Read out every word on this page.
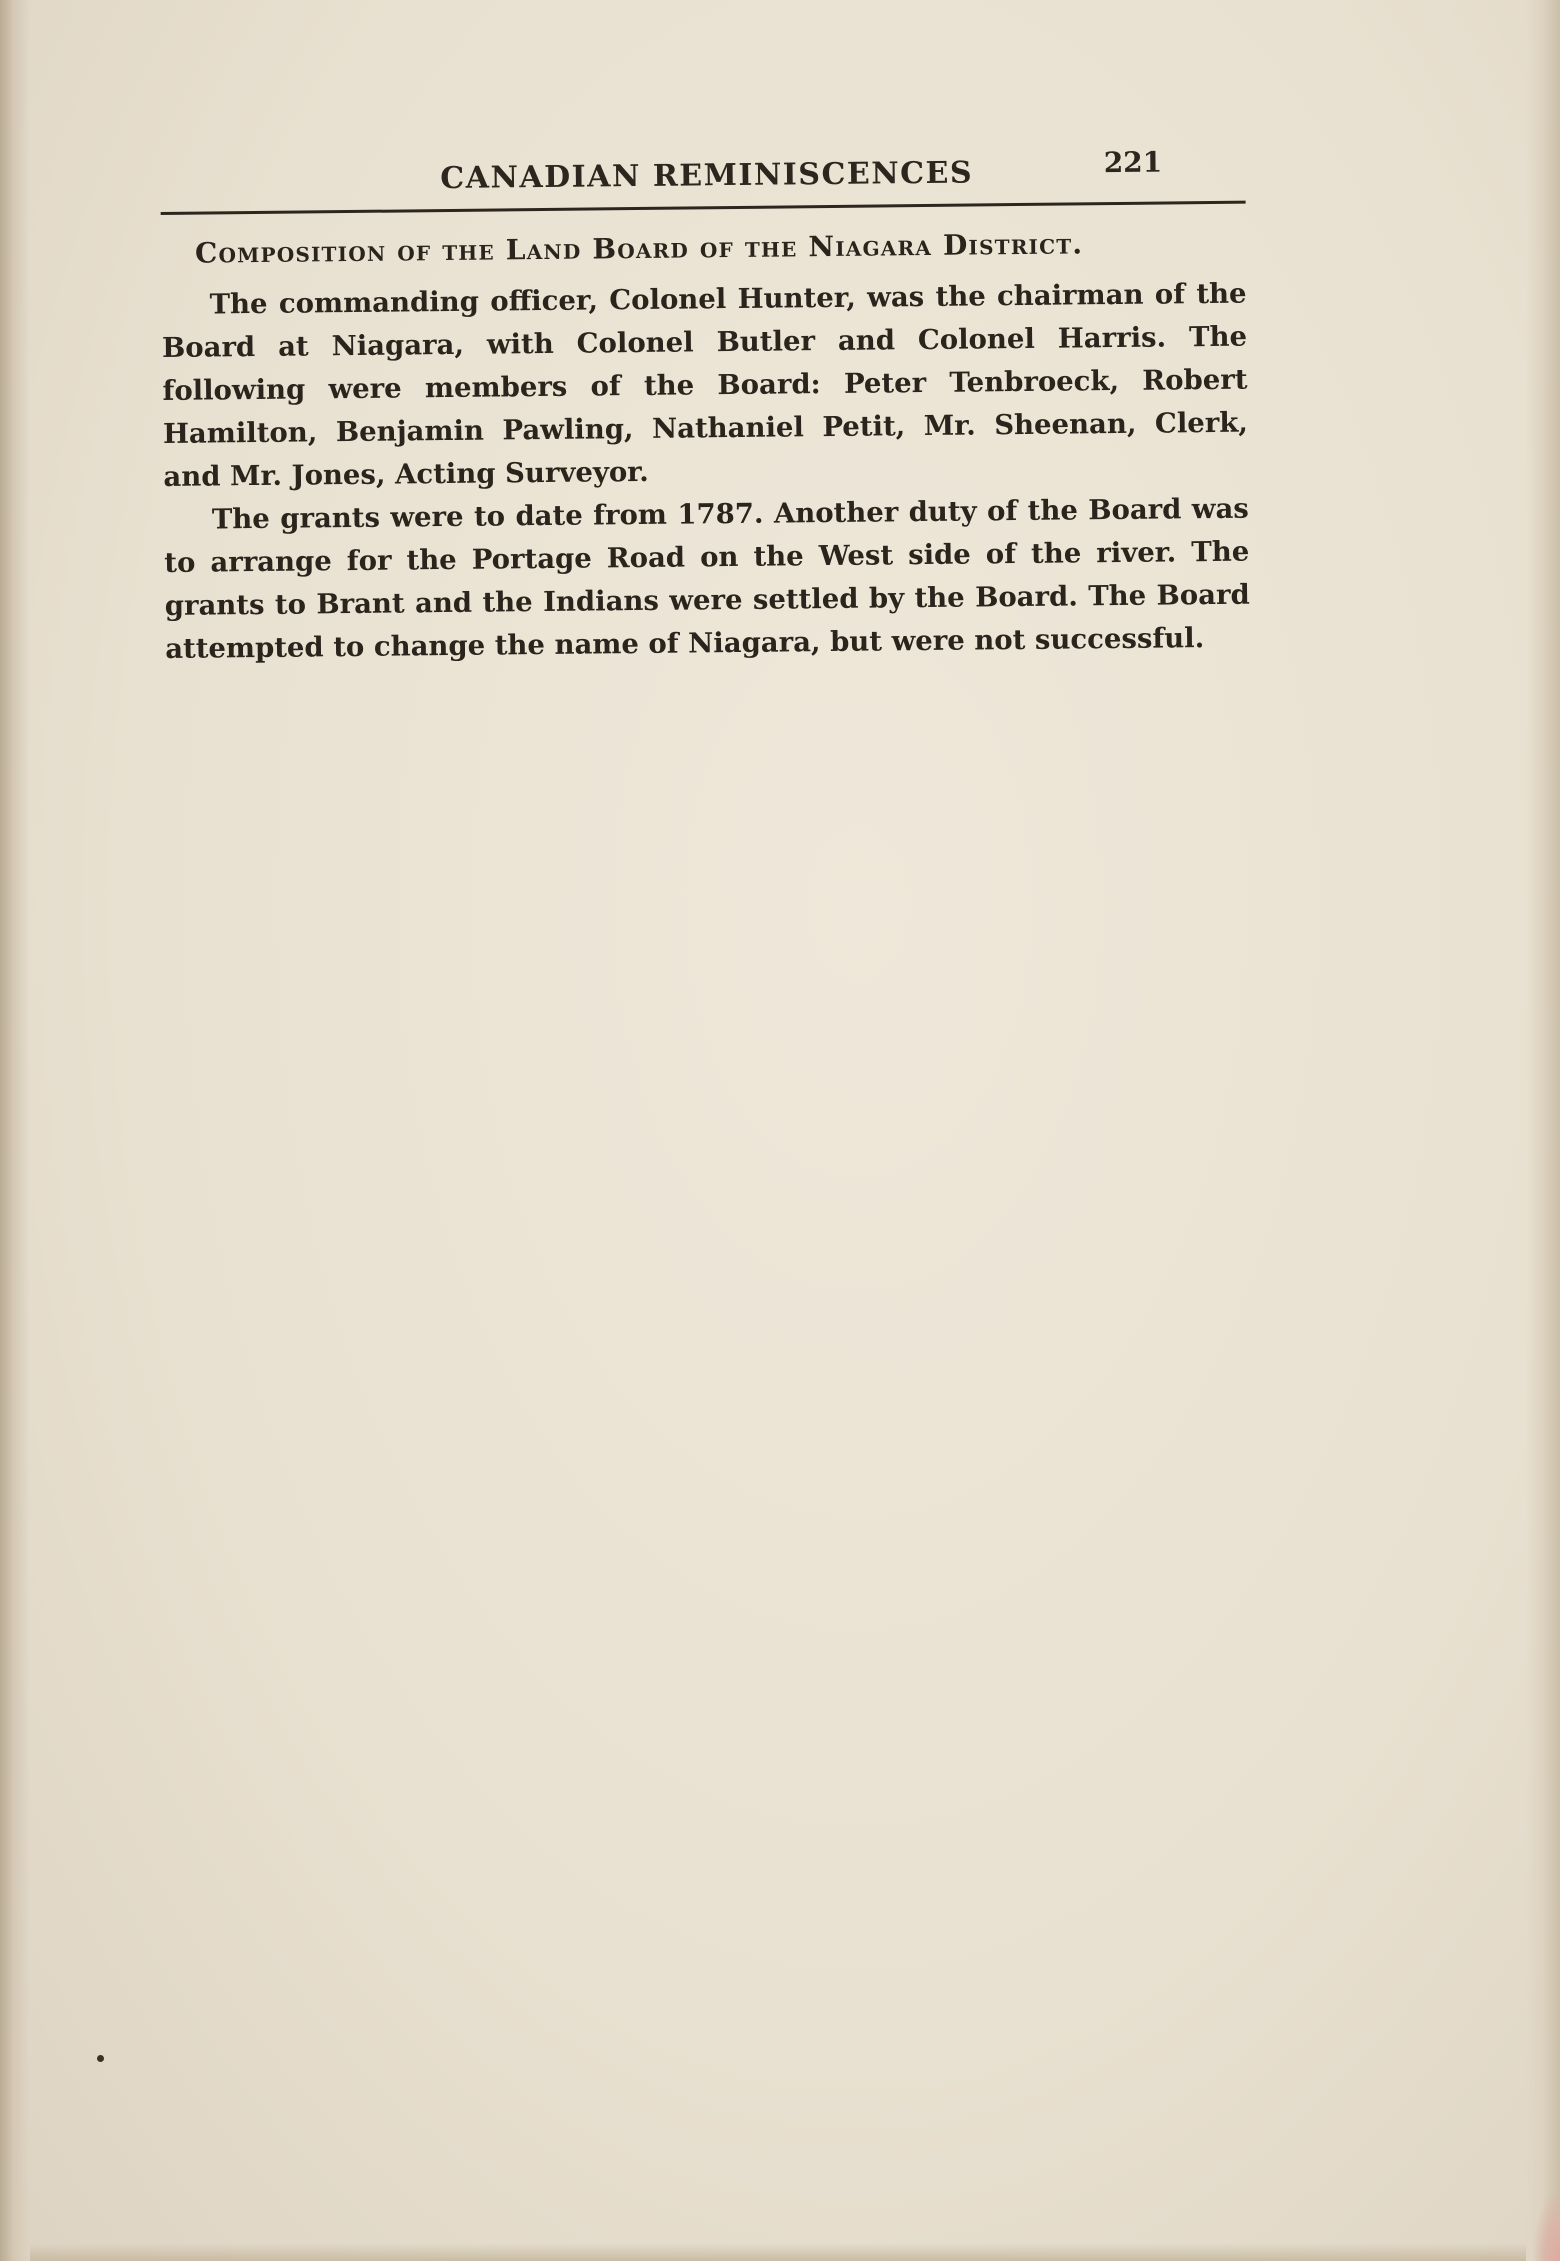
CANADIAN REMINISCENCES	221
Composition of the Land Board of the Niagara District.

The commanding officer, Colonel Hunter, was the chairman of the Board at Niagara, with Colonel Butler and Colonel Harris. The following were members of the Board: Peter Tenbroeck, Robert Hamilton, Benjamin Pawling, Nathaniel Petit, Mr. Sheenan, Clerk, and Mr. Jones, Acting Surveyor.

The grants were to date from 1787. Another duty of the Board was to arrange for the Portage Road on the West side of the river. The grants to Brant and the Indians were settled by the Board. The Board attempted to change the name of Niagara, but were not successful.
